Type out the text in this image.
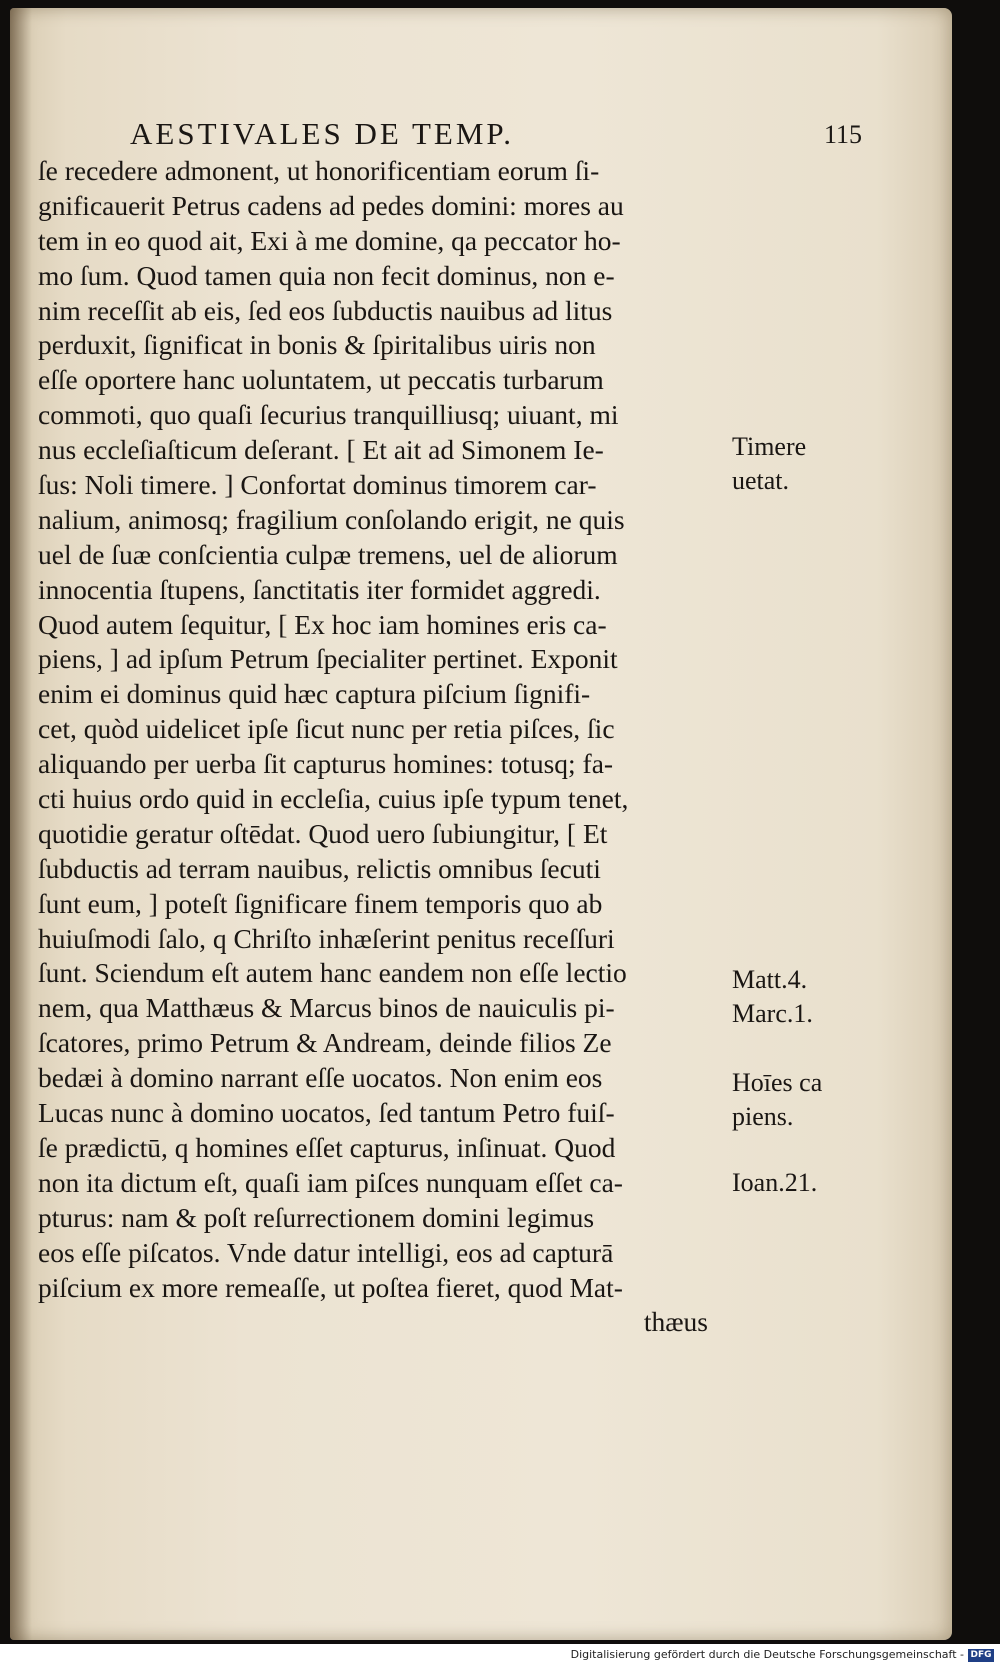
AESTIVALES DE TEMP.	115
ſe recedere admonent, ut honorificentiam eorum ſi-
gnificauerit Petrus cadens ad pedes domini: mores au
tem in eo quod ait, Exi à me domine, qa peccator ho-
mo ſum. Quod tamen quia non fecit dominus, non e-
nim receſſit ab eis, ſed eos ſubductis nauibus ad litus
perduxit, ſignificat in bonis & ſpiritalibus uiris non
eſſe oportere hanc uoluntatem, ut peccatis turbarum
commoti, quo quaſi ſecurius tranquilliusq; uiuant, mi
nus eccleſiaſticum deſerant. [ Et ait ad Simonem Ie-
ſus: Noli timere. ] Confortat dominus timorem car-
nalium, animosq; fragilium conſolando erigit, ne quis
uel de ſuæ conſcientia culpæ tremens, uel de aliorum
innocentia ſtupens, ſanctitatis iter formidet aggredi.
Quod autem ſequitur, [ Ex hoc iam homines eris ca-
piens, ] ad ipſum Petrum ſpecialiter pertinet. Exponit
enim ei dominus quid hæc captura piſcium ſignifi-
cet, quòd uidelicet ipſe ſicut nunc per retia piſces, ſic
aliquando per uerba ſit capturus homines: totusq; fa-
cti huius ordo quid in eccleſia, cuius ipſe typum tenet,
quotidie geratur oſtēdat. Quod uero ſubiungitur, [ Et
ſubductis ad terram nauibus, relictis omnibus ſecuti
ſunt eum, ] poteſt ſignificare finem temporis quo ab
huiuſmodi ſalo, q Chriſto inhæſerint penitus receſſuri
ſunt. Sciendum eſt autem hanc eandem non eſſe lectio
nem, qua Matthæus & Marcus binos de nauiculis pi-
ſcatores, primo Petrum & Andream, deinde filios Ze
bedæi à domino narrant eſſe uocatos. Non enim eos
Lucas nunc à domino uocatos, ſed tantum Petro fuiſ-
ſe prædictū, q homines eſſet capturus, inſinuat. Quod
non ita dictum eſt, quaſi iam piſces nunquam eſſet ca-
pturus: nam & poſt reſurrectionem domini legimus
eos eſſe piſcatos. Vnde datur intelligi, eos ad capturā
piſcium ex more remeaſſe, ut poſtea fieret, quod Mat-
thæus
Timere
uetat.
Matt.4.
Marc.1.
Hoīes ca
piens.
Ioan.21.
Digitalisierung gefördert durch die Deutsche Forschungsgemeinschaft - DFG
